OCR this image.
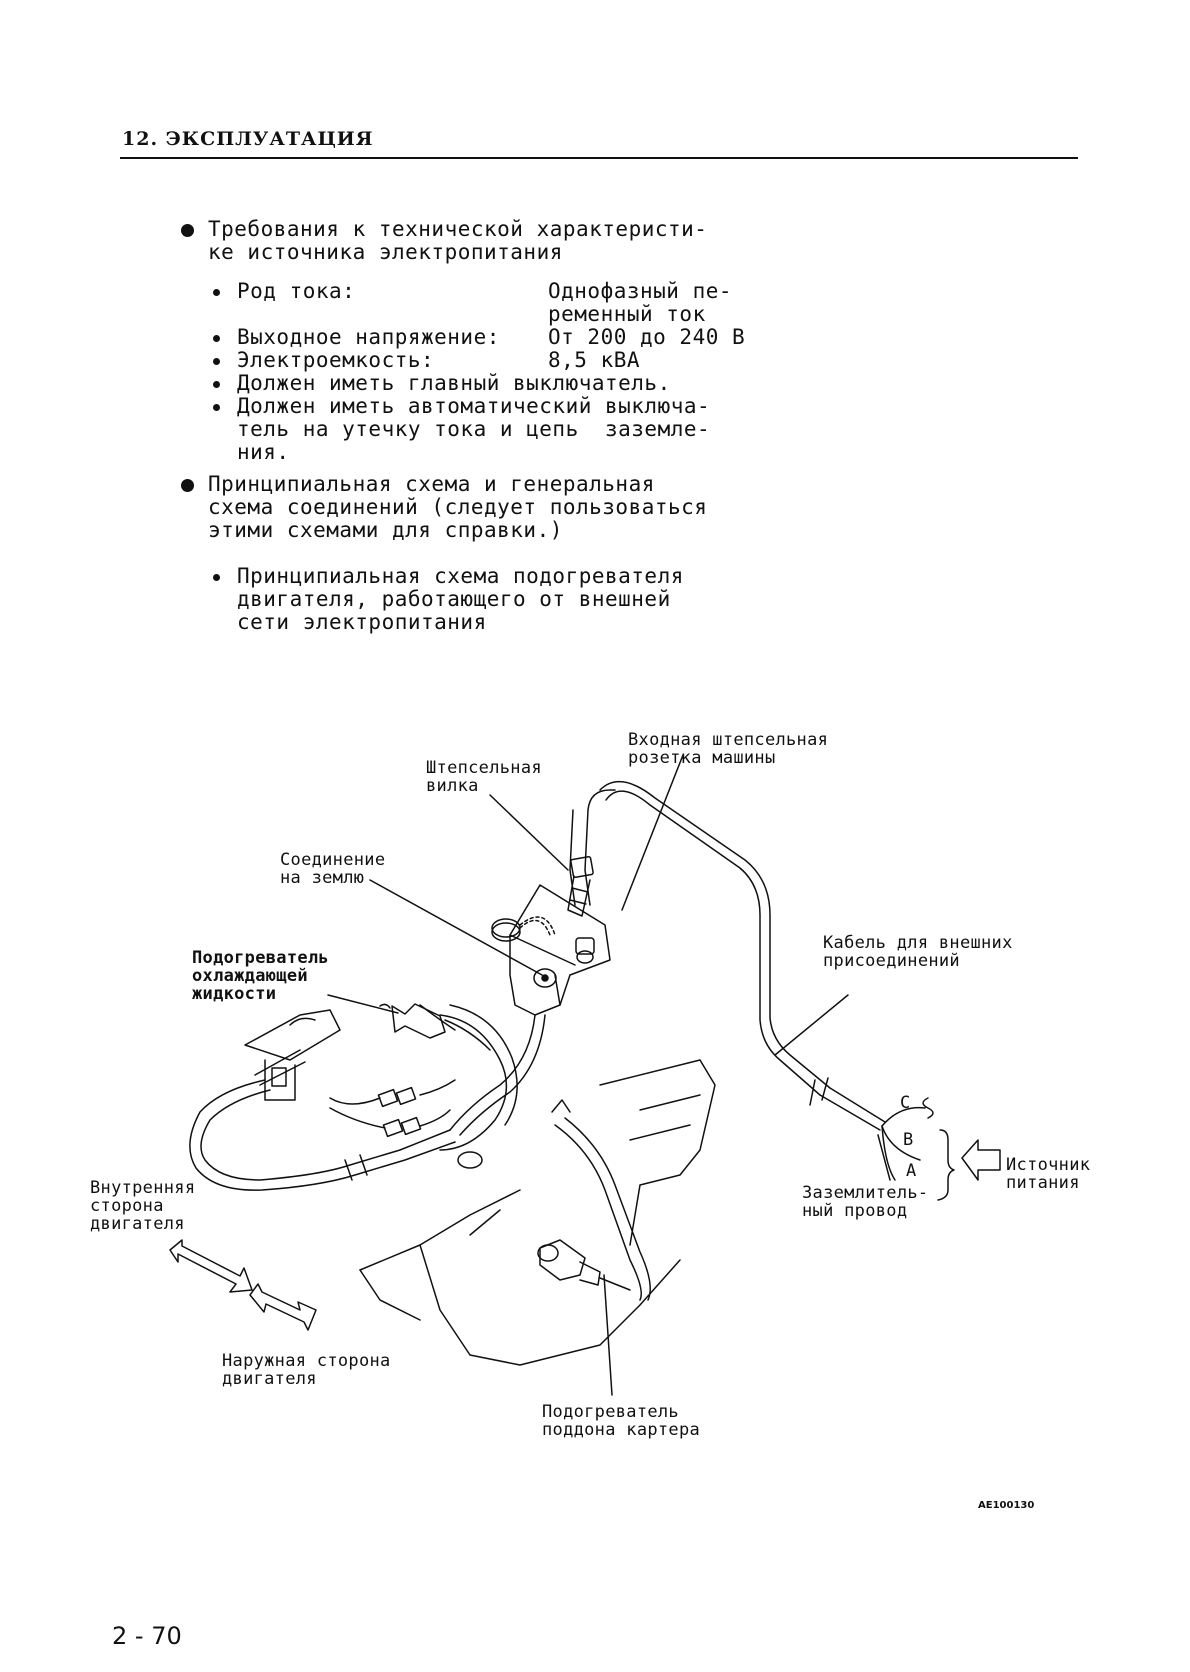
12. ЭКСПЛУАТАЦИЯ
Требования к технической характеристи-
ке источника электропитания
Род тока:	Однофазный пе-
ременный ток
Выходное напряжение: От 200 до 240 В
Электроемкость:	8,5 кВА
Должен иметь главный выключатель.
Должен иметь автоматический выключа-
тель на утечку тока и цепь  заземле-
ния.
Принципиальная схема и генеральная
схема соединений (следует пользоваться
этими схемами для справки.)
Принципиальная схема подогревателя
двигателя, работающего от внешней
сети электропитания
Входная штепсельная
розетка машины
Штепсельная
вилка
Соединение
на землю
Подогреватель
охлаждающей
жидкости
Кабель для внешних
присоединений
C
B
A	Источник
питания
Заземлитель-
ный провод
Внутренняя
сторона
двигателя
Наружная сторона
двигателя
Подогреватель
поддона картера
AE100130
2 - 70
